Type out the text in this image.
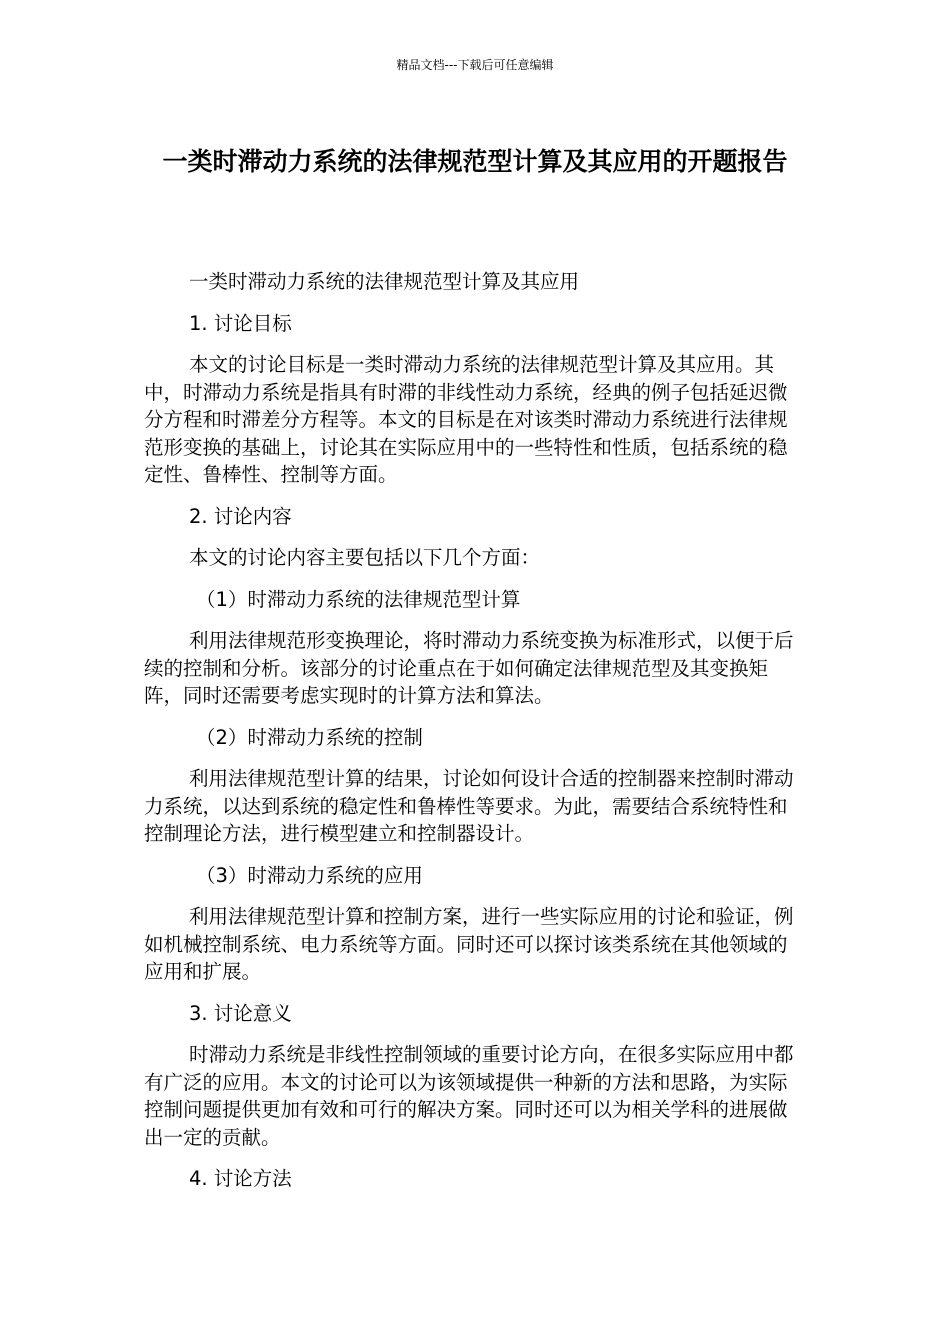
精品文档---下载后可任意编辑
一类时滞动力系统的法律规范型计算及其应用的开题报告

一类时滞动力系统的法律规范型计算及其应用

1. 讨论目标

本文的讨论目标是一类时滞动力系统的法律规范型计算及其应用。其中，时滞动力系统是指具有时滞的非线性动力系统，经典的例子包括延迟微分方程和时滞差分方程等。本文的目标是在对该类时滞动力系统进行法律规范形变换的基础上，讨论其在实际应用中的一些特性和性质，包括系统的稳定性、鲁棒性、控制等方面。

2. 讨论内容

本文的讨论内容主要包括以下几个方面：

（1）时滞动力系统的法律规范型计算

利用法律规范形变换理论，将时滞动力系统变换为标准形式，以便于后续的控制和分析。该部分的讨论重点在于如何确定法律规范型及其变换矩阵，同时还需要考虑实现时的计算方法和算法。

（2）时滞动力系统的控制

利用法律规范型计算的结果，讨论如何设计合适的控制器来控制时滞动力系统，以达到系统的稳定性和鲁棒性等要求。为此，需要结合系统特性和控制理论方法，进行模型建立和控制器设计。

（3）时滞动力系统的应用

利用法律规范型计算和控制方案，进行一些实际应用的讨论和验证，例如机械控制系统、电力系统等方面。同时还可以探讨该类系统在其他领域的应用和扩展。

3. 讨论意义

时滞动力系统是非线性控制领域的重要讨论方向，在很多实际应用中都有广泛的应用。本文的讨论可以为该领域提供一种新的方法和思路，为实际控制问题提供更加有效和可行的解决方案。同时还可以为相关学科的进展做出一定的贡献。

4. 讨论方法
